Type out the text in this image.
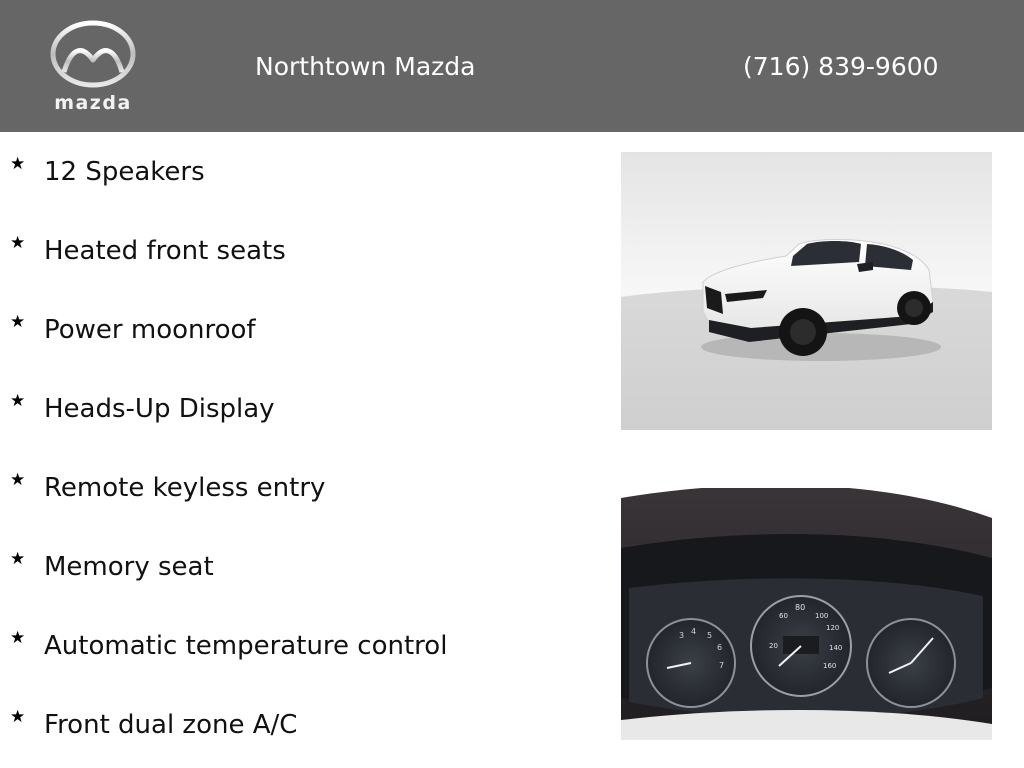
mazda
Northtown Mazda	(716) 839-9600
★ 12 Speakers
★ Heated front seats
★ Power moonroof
★ Heads-Up Display
★ Remote keyless entry
★ Memory seat
★ Automatic temperature control
★ Front dual zone A/C
3 4 5
6
7
80
60	100
120
140
160
20
